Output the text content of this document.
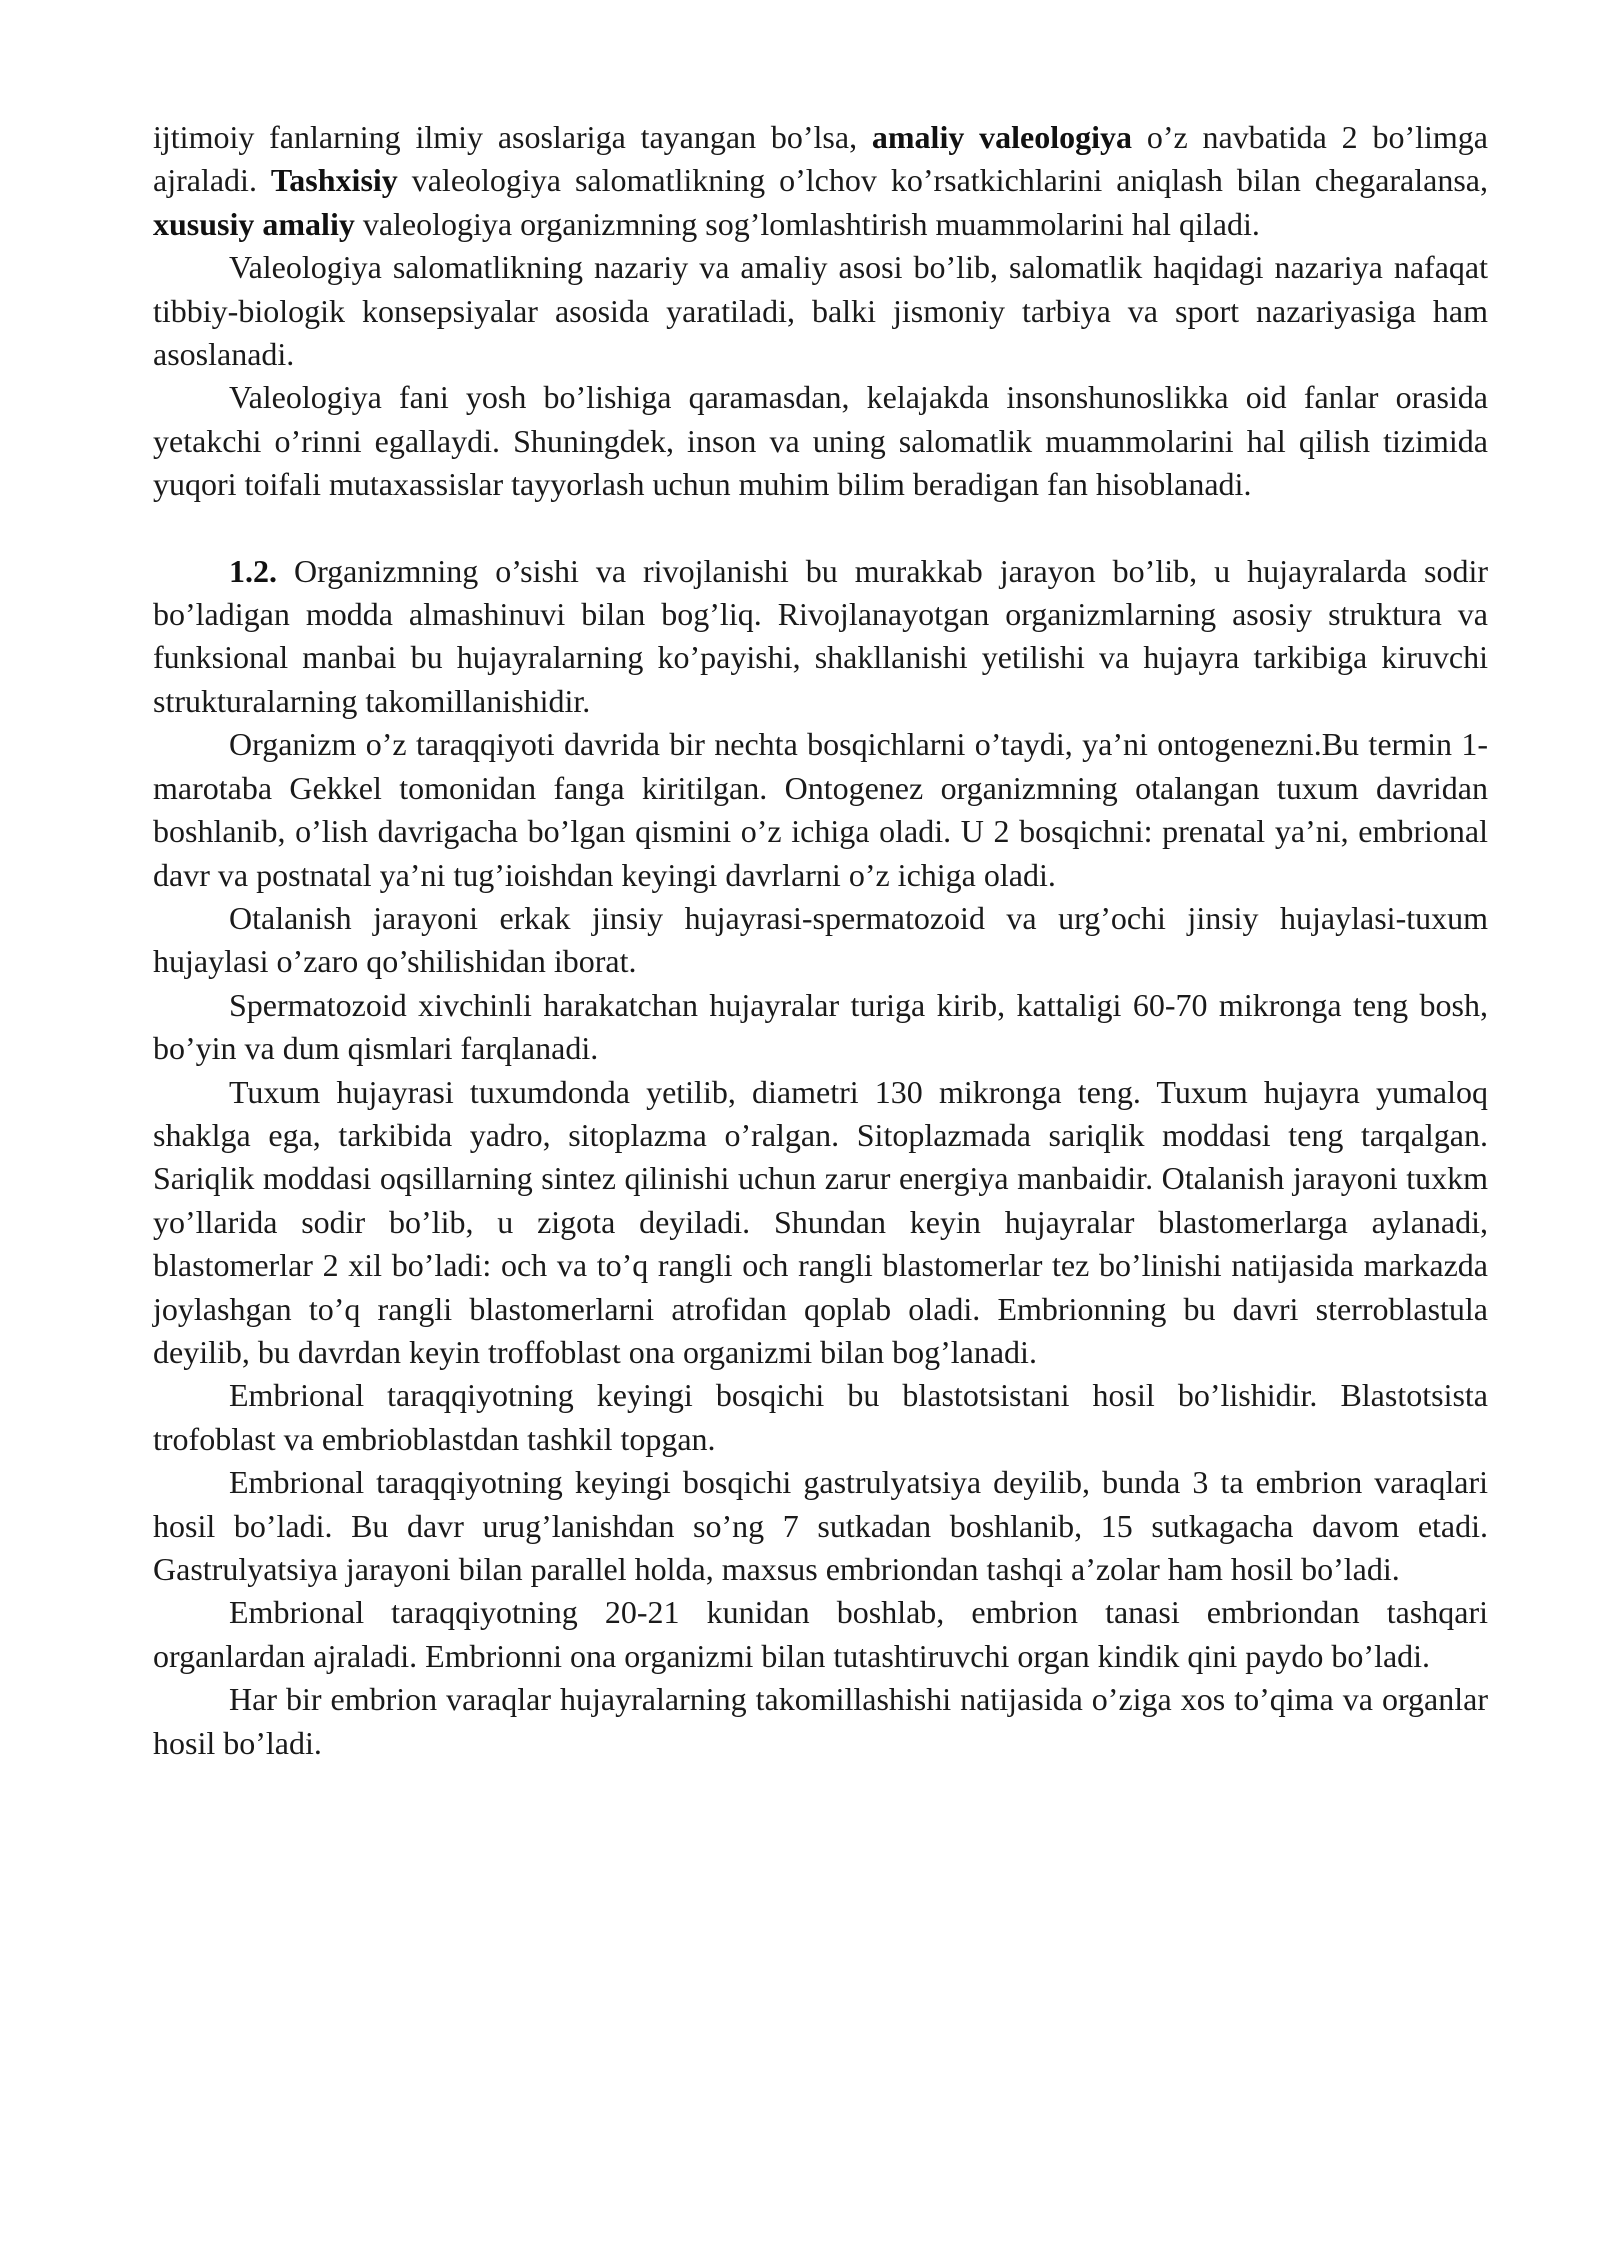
ijtimoiy fanlarning ilmiy asoslariga tayangan bo’lsa, amaliy valeologiya o’z navbatida 2 bo’limga ajraladi. Tashxisiy valeologiya salomatlikning o’lchov ko’rsatkichlarini aniqlash bilan chegaralansa, xususiy amaliy valeologiya organizmning sog’lomlashtirish muammolarini hal qiladi.

Valeologiya salomatlikning nazariy va amaliy asosi bo’lib, salomatlik haqidagi nazariya nafaqat tibbiy-biologik konsepsiyalar asosida yaratiladi, balki jismoniy tarbiya va sport nazariyasiga ham asoslanadi.

Valeologiya fani yosh bo’lishiga qaramasdan, kelajakda insonshunoslikka oid fanlar orasida yetakchi o’rinni egallaydi. Shuningdek, inson va uning salomatlik muammolarini hal qilish tizimida yuqori toifali mutaxassislar tayyorlash uchun muhim bilim beradigan fan hisoblanadi.

1.2. Organizmning o’sishi va rivojlanishi bu murakkab jarayon bo’lib, u hujayralarda sodir bo’ladigan modda almashinuvi bilan bog’liq. Rivojlanayotgan organizmlarning asosiy struktura va funksional manbai bu hujayralarning ko’payishi, shakllanishi yetilishi va hujayra tarkibiga kiruvchi strukturalarning takomillanishidir.

Organizm o’z taraqqiyoti davrida bir nechta bosqichlarni o’taydi, ya’ni ontogenezni.Bu termin 1-marotaba Gekkel tomonidan fanga kiritilgan. Ontogenez organizmning otalangan tuxum davridan boshlanib, o’lish davrigacha bo’lgan qismini o’z ichiga oladi. U 2 bosqichni: prenatal ya’ni, embrional davr va postnatal ya’ni tug’ioishdan keyingi davrlarni o’z ichiga oladi.

Otalanish jarayoni erkak jinsiy hujayrasi-spermatozoid va urg’ochi jinsiy hujaylasi-tuxum hujaylasi o’zaro qo’shilishidan iborat.

Spermatozoid xivchinli harakatchan hujayralar turiga kirib, kattaligi 60-70 mikronga teng bosh, bo’yin va dum qismlari farqlanadi.

Tuxum hujayrasi tuxumdonda yetilib, diametri 130 mikronga teng. Tuxum hujayra yumaloq shaklga ega, tarkibida yadro, sitoplazma o’ralgan. Sitoplazmada sariqlik moddasi teng tarqalgan. Sariqlik moddasi oqsillarning sintez qilinishi uchun zarur energiya manbaidir. Otalanish jarayoni tuxkm yo’llarida sodir bo’lib, u zigota deyiladi. Shundan keyin hujayralar blastomerlarga aylanadi, blastomerlar 2 xil bo’ladi: och va to’q rangli och rangli blastomerlar tez bo’linishi natijasida markazda joylashgan to’q rangli blastomerlarni atrofidan qoplab oladi. Embrionning bu davri sterroblastula deyilib, bu davrdan keyin troffoblast ona organizmi bilan bog’lanadi.

Embrional taraqqiyotning keyingi bosqichi bu blastotsistani hosil bo’lishidir. Blastotsista trofoblast va embrioblastdan tashkil topgan.

Embrional taraqqiyotning keyingi bosqichi gastrulyatsiya deyilib, bunda 3 ta embrion varaqlari hosil bo’ladi. Bu davr urug’lanishdan so’ng 7 sutkadan boshlanib, 15 sutkagacha davom etadi. Gastrulyatsiya jarayoni bilan parallel holda, maxsus embriondan tashqi a’zolar ham hosil bo’ladi.

Embrional taraqqiyotning 20-21 kunidan boshlab, embrion tanasi embriondan tashqari organlardan ajraladi. Embrionni ona organizmi bilan tutashtiruvchi organ kindik qini paydo bo’ladi.

Har bir embrion varaqlar hujayralarning takomillashishi natijasida o’ziga xos to’qima va organlar hosil bo’ladi.
